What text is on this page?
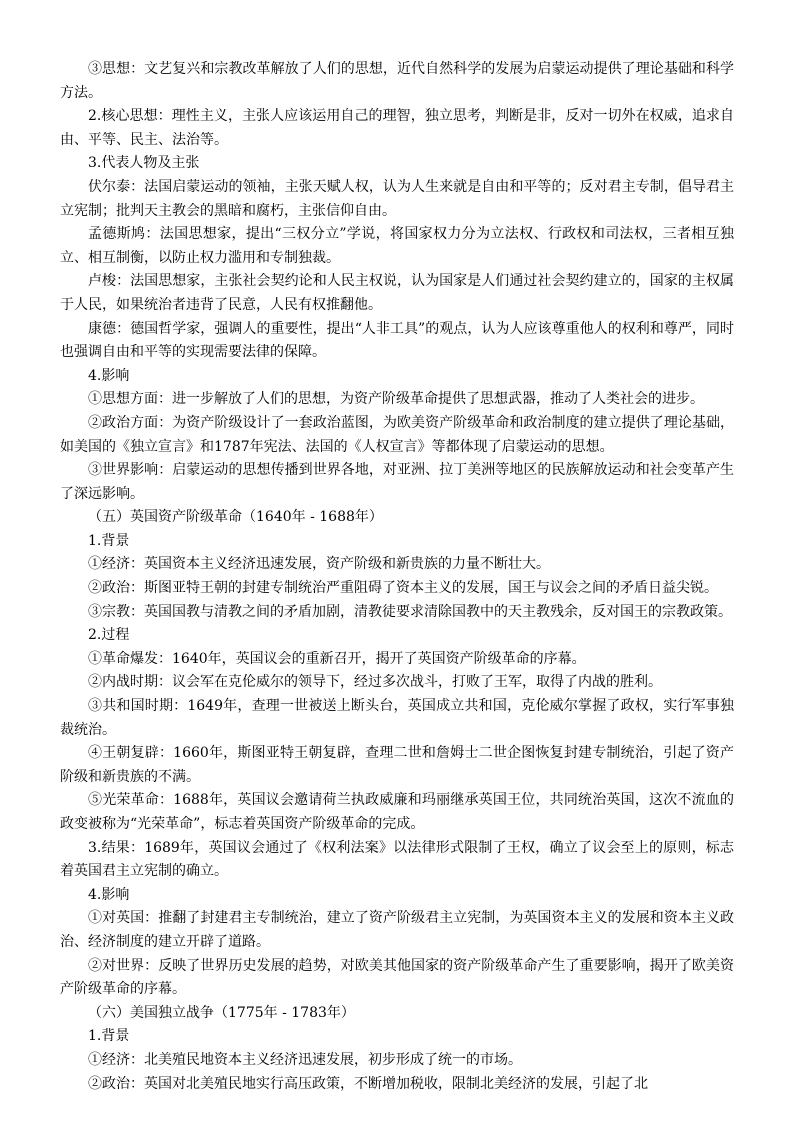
③思想：文艺复兴和宗教改革解放了人们的思想，近代自然科学的发展为启蒙运动提供了理论基础和科学方法。

2.核心思想：理性主义，主张人应该运用自己的理智，独立思考，判断是非，反对一切外在权威，追求自由、平等、民主、法治等。

3.代表人物及主张

伏尔泰：法国启蒙运动的领袖，主张天赋人权，认为人生来就是自由和平等的；反对君主专制，倡导君主立宪制；批判天主教会的黑暗和腐朽，主张信仰自由。

孟德斯鸠：法国思想家，提出“三权分立”学说，将国家权力分为立法权、行政权和司法权，三者相互独立、相互制衡，以防止权力滥用和专制独裁。

卢梭：法国思想家，主张社会契约论和人民主权说，认为国家是人们通过社会契约建立的，国家的主权属于人民，如果统治者违背了民意，人民有权推翻他。

康德：德国哲学家，强调人的重要性，提出“人非工具”的观点，认为人应该尊重他人的权利和尊严，同时也强调自由和平等的实现需要法律的保障。

4.影响

①思想方面：进一步解放了人们的思想，为资产阶级革命提供了思想武器，推动了人类社会的进步。

②政治方面：为资产阶级设计了一套政治蓝图，为欧美资产阶级革命和政治制度的建立提供了理论基础，如美国的《独立宣言》和1787年宪法、法国的《人权宣言》等都体现了启蒙运动的思想。

③世界影响：启蒙运动的思想传播到世界各地，对亚洲、拉丁美洲等地区的民族解放运动和社会变革产生了深远影响。

（五）英国资产阶级革命（1640年 - 1688年）

1.背景

①经济：英国资本主义经济迅速发展，资产阶级和新贵族的力量不断壮大。

②政治：斯图亚特王朝的封建专制统治严重阻碍了资本主义的发展，国王与议会之间的矛盾日益尖锐。

③宗教：英国国教与清教之间的矛盾加剧，清教徒要求清除国教中的天主教残余，反对国王的宗教政策。

2.过程

①革命爆发：1640年，英国议会的重新召开，揭开了英国资产阶级革命的序幕。

②内战时期：议会军在克伦威尔的领导下，经过多次战斗，打败了王军，取得了内战的胜利。

③共和国时期：1649年，查理一世被送上断头台，英国成立共和国，克伦威尔掌握了政权，实行军事独裁统治。

④王朝复辟：1660年，斯图亚特王朝复辟，查理二世和詹姆士二世企图恢复封建专制统治，引起了资产阶级和新贵族的不满。

⑤光荣革命：1688年，英国议会邀请荷兰执政威廉和玛丽继承英国王位，共同统治英国，这次不流血的政变被称为“光荣革命”，标志着英国资产阶级革命的完成。

3.结果：1689年，英国议会通过了《权利法案》以法律形式限制了王权，确立了议会至上的原则，标志着英国君主立宪制的确立。

4.影响

①对英国：推翻了封建君主专制统治，建立了资产阶级君主立宪制，为英国资本主义的发展和资本主义政治、经济制度的建立开辟了道路。

②对世界：反映了世界历史发展的趋势，对欧美其他国家的资产阶级革命产生了重要影响，揭开了欧美资产阶级革命的序幕。

（六）美国独立战争（1775年 - 1783年）

1.背景

①经济：北美殖民地资本主义经济迅速发展，初步形成了统一的市场。

②政治：英国对北美殖民地实行高压政策，不断增加税收，限制北美经济的发展，引起了北
